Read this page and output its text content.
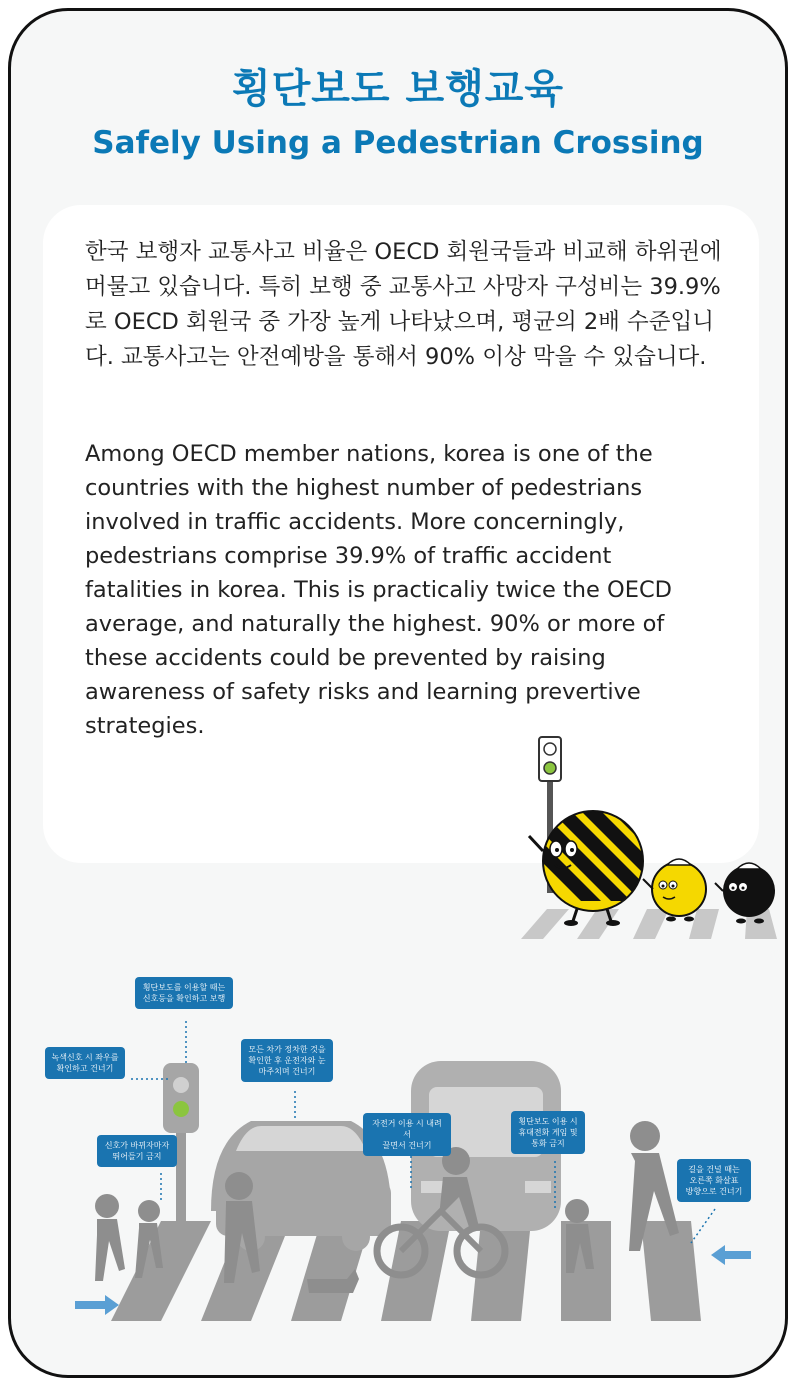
횡단보도 보행교육
Safely Using a Pedestrian Crossing
한국 보행자 교통사고 비율은 OECD 회원국들과 비교해 하위권에 머물고 있습니다. 특히 보행 중 교통사고 사망자 구성비는 39.9%로 OECD 회원국 중 가장 높게 나타났으며, 평균의 2배 수준입니다. 교통사고는 안전예방을 통해서 90% 이상 막을 수 있습니다.
Among OECD member nations, korea is one of the countries with the highest number of pedestrians involved in traffic accidents. More concerningly, pedestrians comprise 39.9% of traffic accident fatalities in korea. This is practicaliy twice the OECD average, and naturally the highest. 90% or more of these accidents could be prevented by raising awareness of safety risks and learning prevertive strategies.
횡단보도를 이용할 때는
신호등을 확인하고 보행
녹색신호 시 좌우를
확인하고 건너기
모든 차가 정차한 것을
확인한 후 운전자와 눈
마주치며 건너기
신호가 바뀌자마자
뛰어들기 금지
자전거 이용 시 내려서
끌면서 건너기
횡단보도 이용 시
휴대전화 게임 및
통화 금지
길을 건널 때는
오른쪽 화살표
방향으로 건너기
